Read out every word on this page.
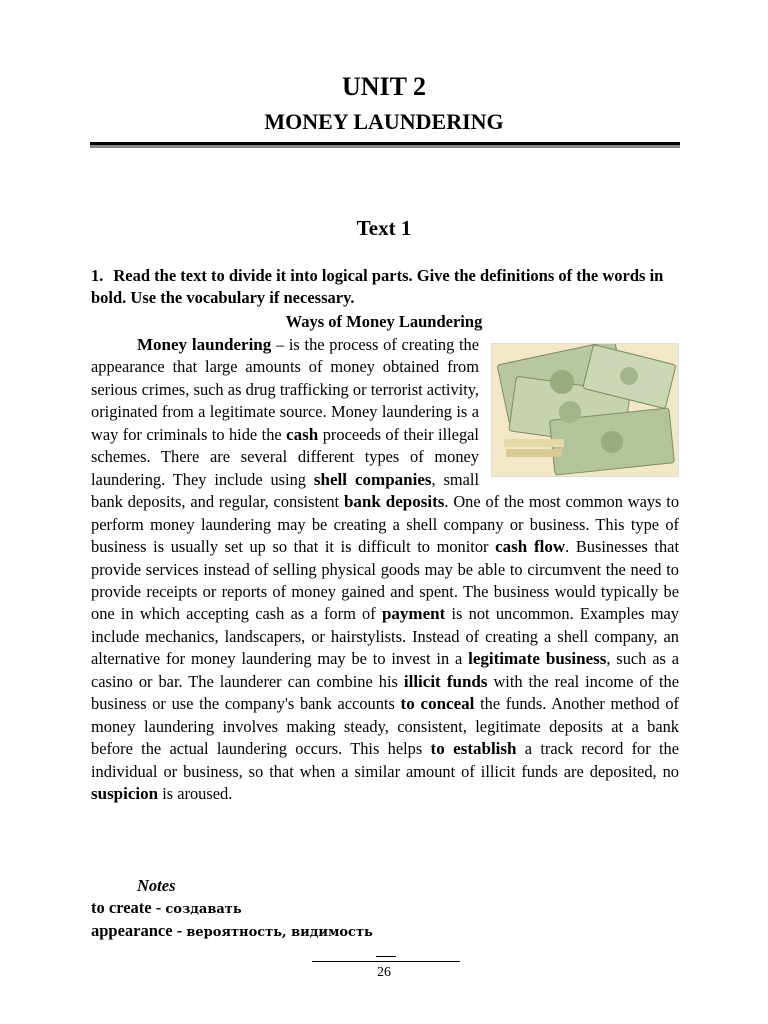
UNIT 2
MONEY LAUNDERING
Text 1
1. Read the text to divide it into logical parts. Give the definitions of the words in bold. Use the vocabulary if necessary.
Ways of Money Laundering

Money laundering – is the process of creating the appearance that large amounts of money obtained from serious crimes, such as drug trafficking or terrorist activity, originated from a legitimate source. Money laundering is a way for criminals to hide the cash proceeds of their illegal schemes. There are several different types of money laundering. They include using shell companies, small bank deposits, and regular, consistent bank deposits. One of the most common ways to perform money laundering may be creating a shell company or business. This type of business is usually set up so that it is difficult to monitor cash flow. Businesses that provide services instead of selling physical goods may be able to circumvent the need to provide receipts or reports of money gained and spent. The business would typically be one in which accepting cash as a form of payment is not uncommon. Examples may include mechanics, landscapers, or hairstylists. Instead of creating a shell company, an alternative for money laundering may be to invest in a legitimate business, such as a casino or bar. The launderer can combine his illicit funds with the real income of the business or use the company's bank accounts to conceal the funds. Another method of money laundering involves making steady, consistent, legitimate deposits at a bank before the actual laundering occurs. This helps to establish a track record for the individual or business, so that when a similar amount of illicit funds are deposited, no suspicion is aroused.

Notes
to create - создавать
appearance - вероятность, видимость
26
